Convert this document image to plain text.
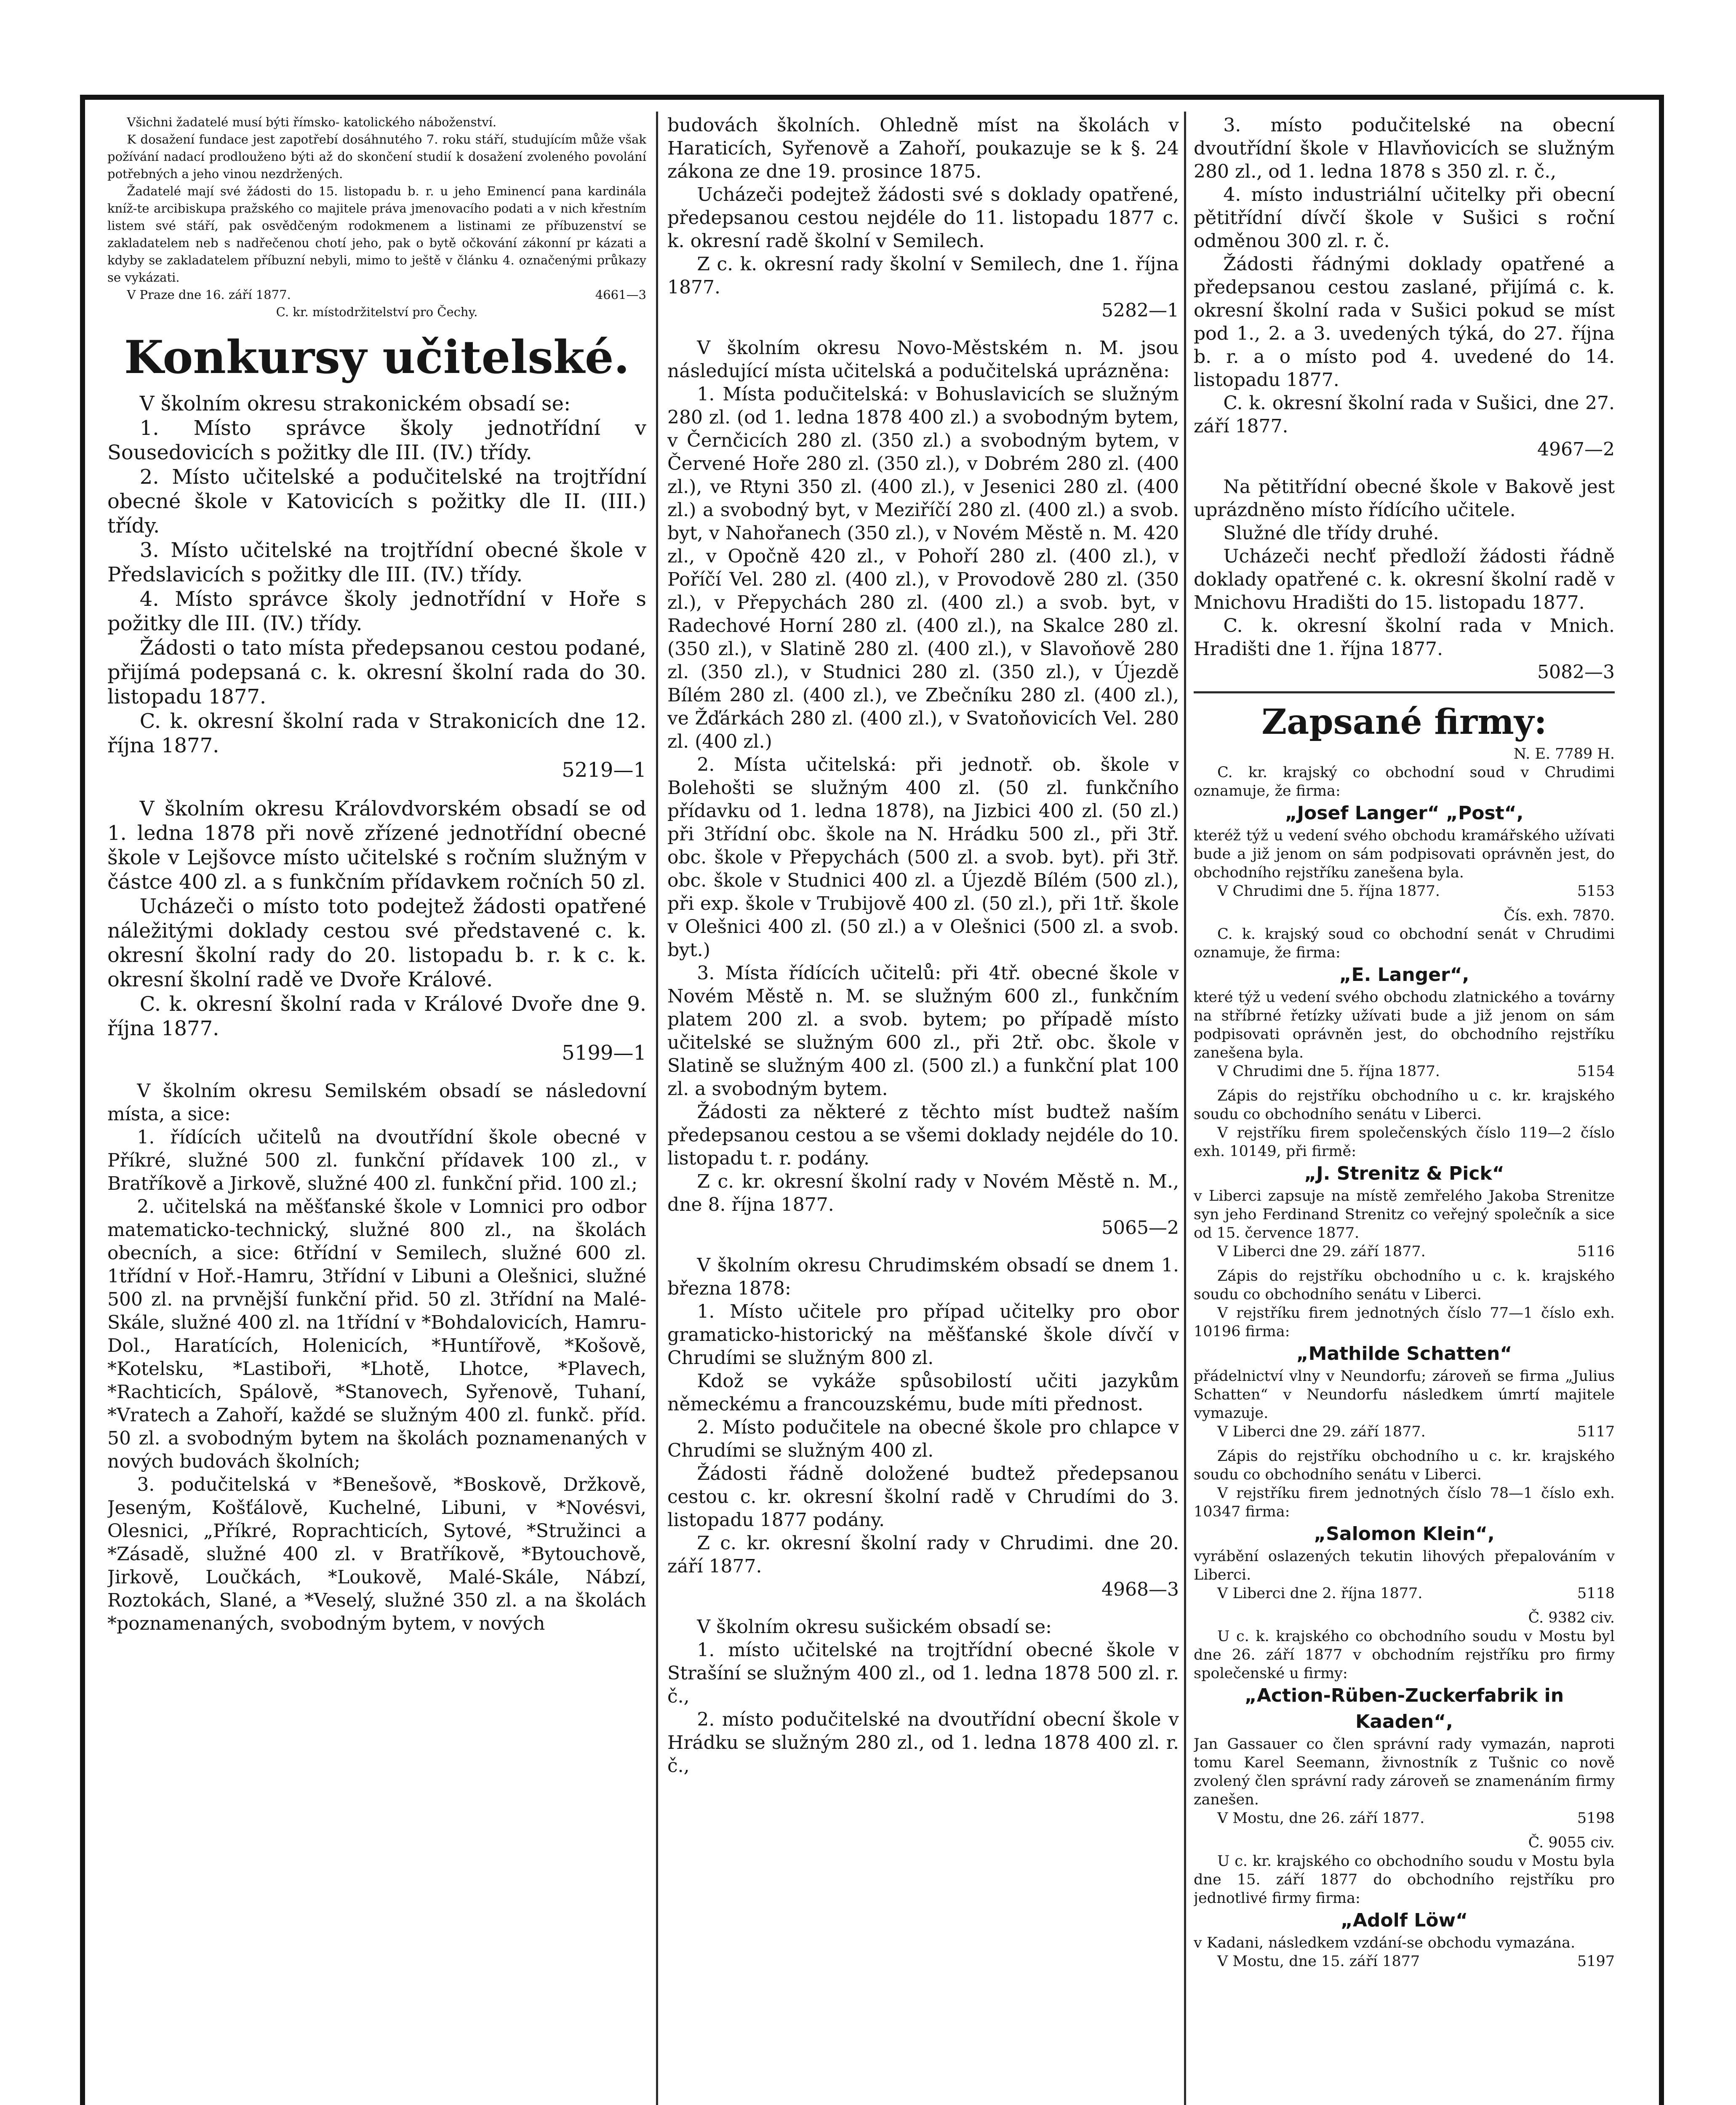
Všichni žadatelé musí býti římsko- katolického náboženství.

K dosažení fundace jest zapotřebí dosáhnutého 7. roku stáří, studujícím může však požívání nadací prodlouženo býti až do skončení studií k dosažení zvoleného povolání potřebných a jeho vinou nezdržených.

Žadatelé mají své žádosti do 15. listopadu b. r. u jeho Eminencí pana kardinála kníž-te arcibiskupa pražského co majitele práva jmenovacího podati a v nich křestním listem své stáří, pak osvědčeným rodokmenem a listinami ze příbuzenství se zakladatelem neb s nadřečenou chotí jeho, pak o bytě očkování zákonní pr kázati a kdyby se zakladatelem příbuzní nebyli, mimo to ještě v článku 4. označenými průkazy se vykázati.

V Praze dne 16. září 1877.	4661—3

C. kr. místodržitelství pro Čechy.

Konkursy učitelské.

V školním okresu strakonickém obsadí se:

1. Místo správce školy jednotřídní v Sousedovicích s požitky dle III. (IV.) třídy.

2. Místo učitelské a podučitelské na trojtřídní obecné škole v Katovicích s požitky dle II. (III.) třídy.

3. Místo učitelské na trojtřídní obecné škole v Předslavicích s požitky dle III. (IV.) třídy.

4. Místo správce školy jednotřídní v Hoře s požitky dle III. (IV.) třídy.

Žádosti o tato místa předepsanou cestou podané, přijímá podepsaná c. k. okresní školní rada do 30. listopadu 1877.

C. k. okresní školní rada v Strakonicích dne 12. října 1877.

5219—1

V školním okresu Královdvorském obsadí se od 1. ledna 1878 při nově zřízené jednotřídní obecné škole v Lejšovce místo učitelské s ročním služným v částce 400 zl. a s funkčním přídavkem ročních 50 zl.

Ucházeči o místo toto podejtež žádosti opatřené náležitými doklady cestou své představené c. k. okresní školní rady do 20. listopadu b. r. k c. k. okresní školní radě ve Dvoře Králové.

C. k. okresní školní rada v Králové Dvoře dne 9. října 1877.

5199—1

V školním okresu Semilském obsadí se následovní místa, a sice:

1. řídících učitelů na dvoutřídní škole obecné v Příkré, služné 500 zl. funkční přídavek 100 zl., v Bratříkově a Jirkově, služné 400 zl. funkční přid. 100 zl.;

2. učitelská na měšťanské škole v Lomnici pro odbor matematicko-technický, služné 800 zl., na školách obecních, a sice: 6třídní v Semilech, služné 600 zl. 1třídní v Hoř.-Hamru, 3třídní v Libuni a Olešnici, služné 500 zl. na prvnější funkční přid. 50 zl. 3třídní na Malé-Skále, služné 400 zl. na 1třídní v *Bohdalovicích, Hamru-Dol., Haratících, Holenicích, *Huntířově, *Košově, *Kotelsku, *Lastiboři, *Lhotě, Lhotce, *Plavech, *Rachticích, Spálově, *Stanovech, Syřenově, Tuhaní, *Vratech a Zahoří, každé se služným 400 zl. funkč. příd. 50 zl. a svobodným bytem na školách poznamenaných v nových budovách školních;

3. podučitelská v *Benešově, *Boskově, Držkově, Jeseným, Košťálově, Kuchelné, Libuni, v *Novésvi, Olesnici, „Příkré, Roprachticích, Sytové, *Stružinci a *Zásadě, služné 400 zl. v Bratříkově, *Bytouchově, Jirkově, Loučkách, *Loukově, Malé-Skále, Nábzí, Roztokách, Slané, a *Veselý, služné 350 zl. a na školách *poznamenaných, svobodným bytem, v nových

budovách školních. Ohledně míst na školách v Haraticích, Syřenově a Zahoří, poukazuje se k §. 24 zákona ze dne 19. prosince 1875.

Ucházeči podejtež žádosti své s doklady opatřené, předepsanou cestou nejdéle do 11. listopadu 1877 c. k. okresní radě školní v Semilech.

Z c. k. okresní rady školní v Semilech, dne 1. října 1877.

5282—1

V školním okresu Novo-Městském n. M. jsou následující místa učitelská a podučitelská uprázněna:

1. Místa podučitelská: v Bohuslavicích se služným 280 zl. (od 1. ledna 1878 400 zl.) a svobodným bytem, v Černčicích 280 zl. (350 zl.) a svobodným bytem, v Červené Hoře 280 zl. (350 zl.), v Dobrém 280 zl. (400 zl.), ve Rtyni 350 zl. (400 zl.), v Jesenici 280 zl. (400 zl.) a svobodný byt, v Meziříčí 280 zl. (400 zl.) a svob. byt, v Nahořanech (350 zl.), v Novém Městě n. M. 420 zl., v Opočně 420 zl., v Pohoří 280 zl. (400 zl.), v Poříčí Vel. 280 zl. (400 zl.), v Provodově 280 zl. (350 zl.), v Přepychách 280 zl. (400 zl.) a svob. byt, v Radechové Horní 280 zl. (400 zl.), na Skalce 280 zl. (350 zl.), v Slatině 280 zl. (400 zl.), v Slavoňově 280 zl. (350 zl.), v Studnici 280 zl. (350 zl.), v Újezdě Bílém 280 zl. (400 zl.), ve Zbečníku 280 zl. (400 zl.), ve Žďárkách 280 zl. (400 zl.), v Svatoňovicích Vel. 280 zl. (400 zl.)

2. Místa učitelská: při jednotř. ob. škole v Bolehošti se služným 400 zl. (50 zl. funkčního přídavku od 1. ledna 1878), na Jizbici 400 zl. (50 zl.) při 3třídní obc. škole na N. Hrádku 500 zl., při 3tř. obc. škole v Přepychách (500 zl. a svob. byt). při 3tř. obc. škole v Studnici 400 zl. a Újezdě Bílém (500 zl.), při exp. škole v Trubijově 400 zl. (50 zl.), při 1tř. škole v Olešnici 400 zl. (50 zl.) a v Olešnici (500 zl. a svob. byt.)

3. Místa řídících učitelů: při 4tř. obecné škole v Novém Městě n. M. se služným 600 zl., funkčním platem 200 zl. a svob. bytem; po případě místo učitelské se služným 600 zl., při 2tř. obc. škole v Slatině se služným 400 zl. (500 zl.) a funkční plat 100 zl. a svobodným bytem.

Žádosti za některé z těchto míst budtež naším předepsanou cestou a se všemi doklady nejdéle do 10. listopadu t. r. podány.

Z c. kr. okresní školní rady v Novém Městě n. M., dne 8. října 1877.

5065—2

V školním okresu Chrudimském obsadí se dnem 1. března 1878:

1. Místo učitele pro případ učitelky pro obor gramaticko-historický na měšťanské škole dívčí v Chrudími se služným 800 zl.

Kdož se vykáže spůsobilostí učiti jazykům německému a francouzskému, bude míti přednost.

2. Místo podučitele na obecné škole pro chlapce v Chrudími se služným 400 zl.

Žádosti řádně doložené budtež předepsanou cestou c. kr. okresní školní radě v Chrudími do 3. listopadu 1877 podány.

Z c. kr. okresní školní rady v Chrudimi. dne 20. září 1877.

4968—3

V školním okresu sušickém obsadí se:

1. místo učitelské na trojtřídní obecné škole v Strašíní se služným 400 zl., od 1. ledna 1878 500 zl. r. č.,

2. místo podučitelské na dvoutřídní obecní škole v Hrádku se služným 280 zl., od 1. ledna 1878 400 zl. r. č.,

3. místo podučitelské na obecní dvoutřídní škole v Hlavňovicích se služným 280 zl., od 1. ledna 1878 s 350 zl. r. č.,

4. místo industriální učitelky při obecní pětitřídní dívčí škole v Sušici s roční odměnou 300 zl. r. č.

Žádosti řádnými doklady opatřené a předepsanou cestou zaslané, přijímá c. k. okresní školní rada v Sušici pokud se míst pod 1., 2. a 3. uvedených týká, do 27. října b. r. a o místo pod 4. uvedené do 14. listopadu 1877.

C. k. okresní školní rada v Sušici, dne 27. září 1877.

4967—2

Na pětitřídní obecné škole v Bakově jest uprázdněno místo řídícího učitele.

Služné dle třídy druhé.

Ucházeči nechť předloží žádosti řádně doklady opatřené c. k. okresní školní radě v Mnichovu Hradišti do 15. listopadu 1877.

C. k. okresní školní rada v Mnich. Hradišti dne 1. října 1877.

5082—3

Zapsané firmy:

N. E. 7789 H.

C. kr. krajský co obchodní soud v Chrudimi oznamuje, že firma:

„Josef Langer“ „Post“,

kteréž týž u vedení svého obchodu kramářského užívati bude a již jenom on sám podpisovati oprávněn jest, do obchodního rejstříku zanešena byla.

V Chrudimi dne 5. října 1877.	5153

Čís. exh. 7870.

C. k. krajský soud co obchodní senát v Chrudimi oznamuje, že firma:

„E. Langer“,

které týž u vedení svého obchodu zlatnického a továrny na stříbrné řetízky užívati bude a již jenom on sám podpisovati oprávněn jest, do obchodního rejstříku zanešena byla.

V Chrudimi dne 5. října 1877.	5154

Zápis do rejstříku obchodního u c. kr. krajského soudu co obchodního senátu v Liberci.

V rejstříku firem společenských číslo 119—2 číslo exh. 10149, při firmě:

„J. Strenitz & Pick“

v Liberci zapsuje na místě zemřelého Jakoba Strenitze syn jeho Ferdinand Strenitz co veřejný společník a sice od 15. července 1877.

V Liberci dne 29. září 1877.	5116

Zápis do rejstříku obchodního u c. k. krajského soudu co obchodního senátu v Liberci.

V rejstříku firem jednotných číslo 77—1 číslo exh. 10196 firma:

„Mathilde Schatten“

přádelnictví vlny v Neundorfu; zároveň se firma „Julius Schatten“ v Neundorfu následkem úmrtí majitele vymazuje.

V Liberci dne 29. září 1877.	5117

Zápis do rejstříku obchodního u c. kr. krajského soudu co obchodního senátu v Liberci.

V rejstříku firem jednotných číslo 78—1 číslo exh. 10347 firma:

„Salomon Klein“,

vyrábění oslazených tekutin lihových přepalováním v Liberci.

V Liberci dne 2. října 1877.	5118

Č. 9382 civ.

U c. k. krajského co obchodního soudu v Mostu byl dne 26. září 1877 v obchodním rejstříku pro firmy společenské u firmy:

„Action-Rüben-Zuckerfabrik in Kaaden“,

Jan Gassauer co člen správní rady vymazán, naproti tomu Karel Seemann, živnostník z Tušnic co nově zvolený člen správní rady zároveň se znamenáním firmy zanešen.

V Mostu, dne 26. září 1877.	5198

Č. 9055 civ.

U c. kr. krajského co obchodního soudu v Mostu byla dne 15. září 1877 do obchodního rejstříku pro jednotlivé firmy firma:

„Adolf Löw“

v Kadani, následkem vzdání-se obchodu vymazána.

V Mostu, dne 15. září 1877	5197
